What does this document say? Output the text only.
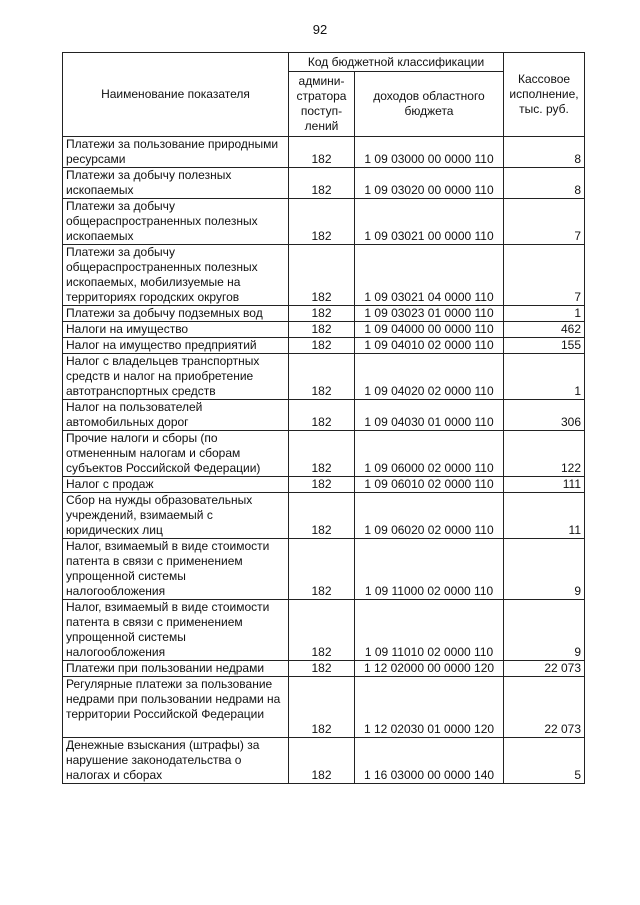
92
Наименование показателя	Код бюджетной классификации		Кассовое исполнение, тыс. руб.
	админи-стратора поступ-лений	доходов областного бюджета	
Платежи за пользование природными ресурсами	182	1 09 03000 00 0000 110	8
Платежи за добычу полезных ископаемых	182	1 09 03020 00 0000 110	8
Платежи за добычу общераспространенных полезных ископаемых	182	1 09 03021 00 0000 110	7
Платежи за добычу общераспространенных полезных ископаемых, мобилизуемые на территориях городских округов	182	1 09 03021 04 0000 110	7
Платежи за добычу подземных вод	182	1 09 03023 01 0000 110	1
Налоги на имущество	182	1 09 04000 00 0000 110	462
Налог на имущество предприятий	182	1 09 04010 02 0000 110	155
Налог с владельцев транспортных средств и налог на приобретение автотранспортных средств	182	1 09 04020 02 0000 110	1
Налог на пользователей автомобильных дорог	182	1 09 04030 01 0000 110	306
Прочие налоги и сборы (по отмененным налогам и сборам субъектов Российской Федерации)	182	1 09 06000 02 0000 110	122
Налог с продаж	182	1 09 06010 02 0000 110	111
Сбор на нужды образовательных учреждений, взимаемый с юридических лиц	182	1 09 06020 02 0000 110	11
Налог, взимаемый в виде стоимости патента в связи с применением упрощенной системы налогообложения	182	1 09 11000 02 0000 110	9
Налог, взимаемый в виде стоимости патента в связи с применением упрощенной системы налогообложения	182	1 09 11010 02 0000 110	9
Платежи при пользовании недрами	182	1 12 02000 00 0000 120	22 073
Регулярные платежи за пользование недрами при пользовании недрами на территории Российской Федерации	182	1 12 02030 01 0000 120	22 073
Денежные взыскания (штрафы) за нарушение законодательства о налогах и сборах	182	1 16 03000 00 0000 140	5
